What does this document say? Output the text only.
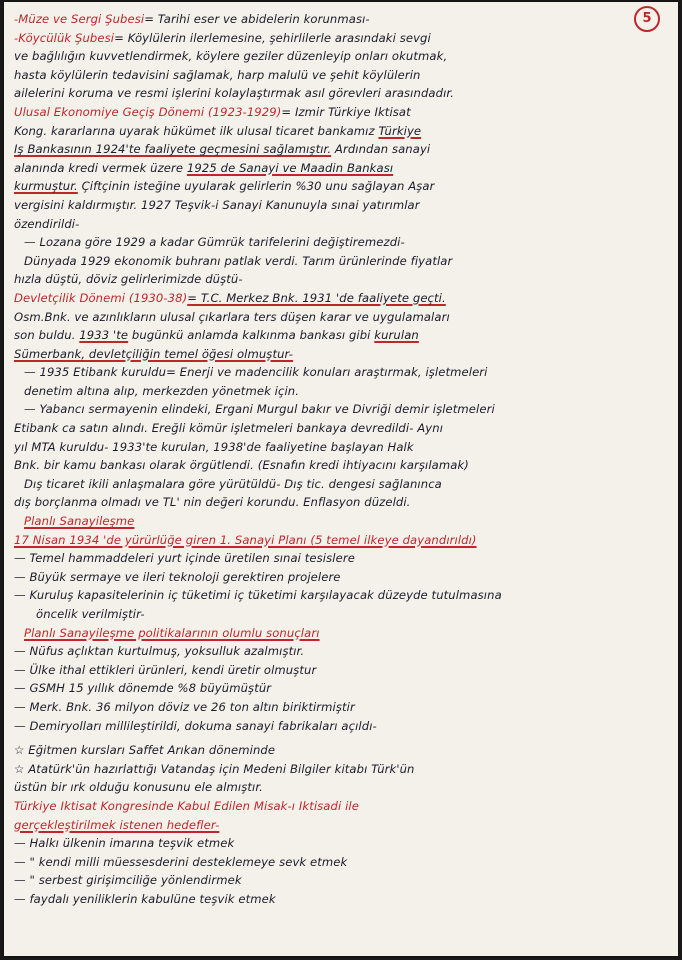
5
-Müze ve Sergi Şubesi= Tarihi eser ve abidelerin korunması-
-Köycülük Şubesi= Köylülerin ilerlemesine, şehirlilerle arasındaki sevgi
ve bağlılığın kuvvetlendirmek, köylere geziler düzenleyip onları okutmak,
hasta köylülerin tedavisini sağlamak, harp malulü ve şehit köylülerin
ailelerini koruma ve resmi işlerini kolaylaştırmak asıl görevleri arasındadır.
Ulusal Ekonomiye Geçiş Dönemi (1923-1929)= Izmir Türkiye Iktisat
Kong. kararlarına uyarak hükümet ilk ulusal ticaret bankamız Türkiye
Iş Bankasının 1924'te faaliyete geçmesini sağlamıştır. Ardından sanayi
alanında kredi vermek üzere 1925 de Sanayi ve Maadin Bankası
kurmuştur. Çiftçinin isteğine uyularak gelirlerin %30 unu sağlayan Aşar
vergisini kaldırmıştır. 1927 Teşvik-i Sanayi Kanunuyla sınai yatırımlar
özendirildi-
— Lozana göre 1929 a kadar Gümrük tarifelerini değiştiremezdi-
Dünyada 1929 ekonomik buhranı patlak verdi. Tarım ürünlerinde fiyatlar
hızla düştü, döviz gelirlerimizde düştü-
Devletçilik Dönemi (1930-38)= T.C. Merkez Bnk. 1931 'de faaliyete geçti.
Osm.Bnk. ve azınlıkların ulusal çıkarlara ters düşen karar ve uygulamaları
son buldu. 1933 'te bugünkü anlamda kalkınma bankası gibi kurulan
Sümerbank, devletçiliğin temel öğesi olmuştur-
— 1935 Etibank kuruldu= Enerji ve madencilik konuları araştırmak, işletmeleri
denetim altına alıp, merkezden yönetmek için.
— Yabancı sermayenin elindeki, Ergani Murgul bakır ve Divriği demir işletmeleri
Etibank ca satın alındı. Ereğli kömür işletmeleri bankaya devredildi- Aynı
yıl MTA kuruldu- 1933'te kurulan, 1938'de faaliyetine başlayan Halk
Bnk. bir kamu bankası olarak örgütlendi. (Esnafın kredi ihtiyacını karşılamak)
Dış ticaret ikili anlaşmalara göre yürütüldü- Dış tic. dengesi sağlanınca
dış borçlanma olmadı ve TL' nin değeri korundu. Enflasyon düzeldi.
Planlı Sanayileşme
17 Nisan 1934 'de yürürlüğe giren 1. Sanayi Planı (5 temel ilkeye dayandırıldı)
— Temel hammaddeleri yurt içinde üretilen sınai tesislere
— Büyük sermaye ve ileri teknoloji gerektiren projelere
— Kuruluş kapasitelerinin iç tüketimi iç tüketimi karşılayacak düzeyde tutulmasına
öncelik verilmiştir-
Planlı Sanayileşme politikalarının olumlu sonuçları
— Nüfus açlıktan kurtulmuş, yoksulluk azalmıştır.
— Ülke ithal ettikleri ürünleri, kendi üretir olmuştur
— GSMH 15 yıllık dönemde %8 büyümüştür
— Merk. Bnk. 36 milyon döviz ve 26 ton altın biriktirmiştir
— Demiryolları millileştirildi, dokuma sanayi fabrikaları açıldı-
☆ Eğitmen kursları Saffet Arıkan döneminde
☆ Atatürk'ün hazırlattığı Vatandaş için Medeni Bilgiler kitabı Türk'ün
üstün bir ırk olduğu konusunu ele almıştır.
Türkiye Iktisat Kongresinde Kabul Edilen Misak-ı Iktisadi ile
gerçekleştirilmek istenen hedefler-
— Halkı ülkenin imarına teşvik etmek
— " kendi milli müessesderini desteklemeye sevk etmek
— " serbest girişimciliğe yönlendirmek
— faydalı yeniliklerin kabulüne teşvik etmek
